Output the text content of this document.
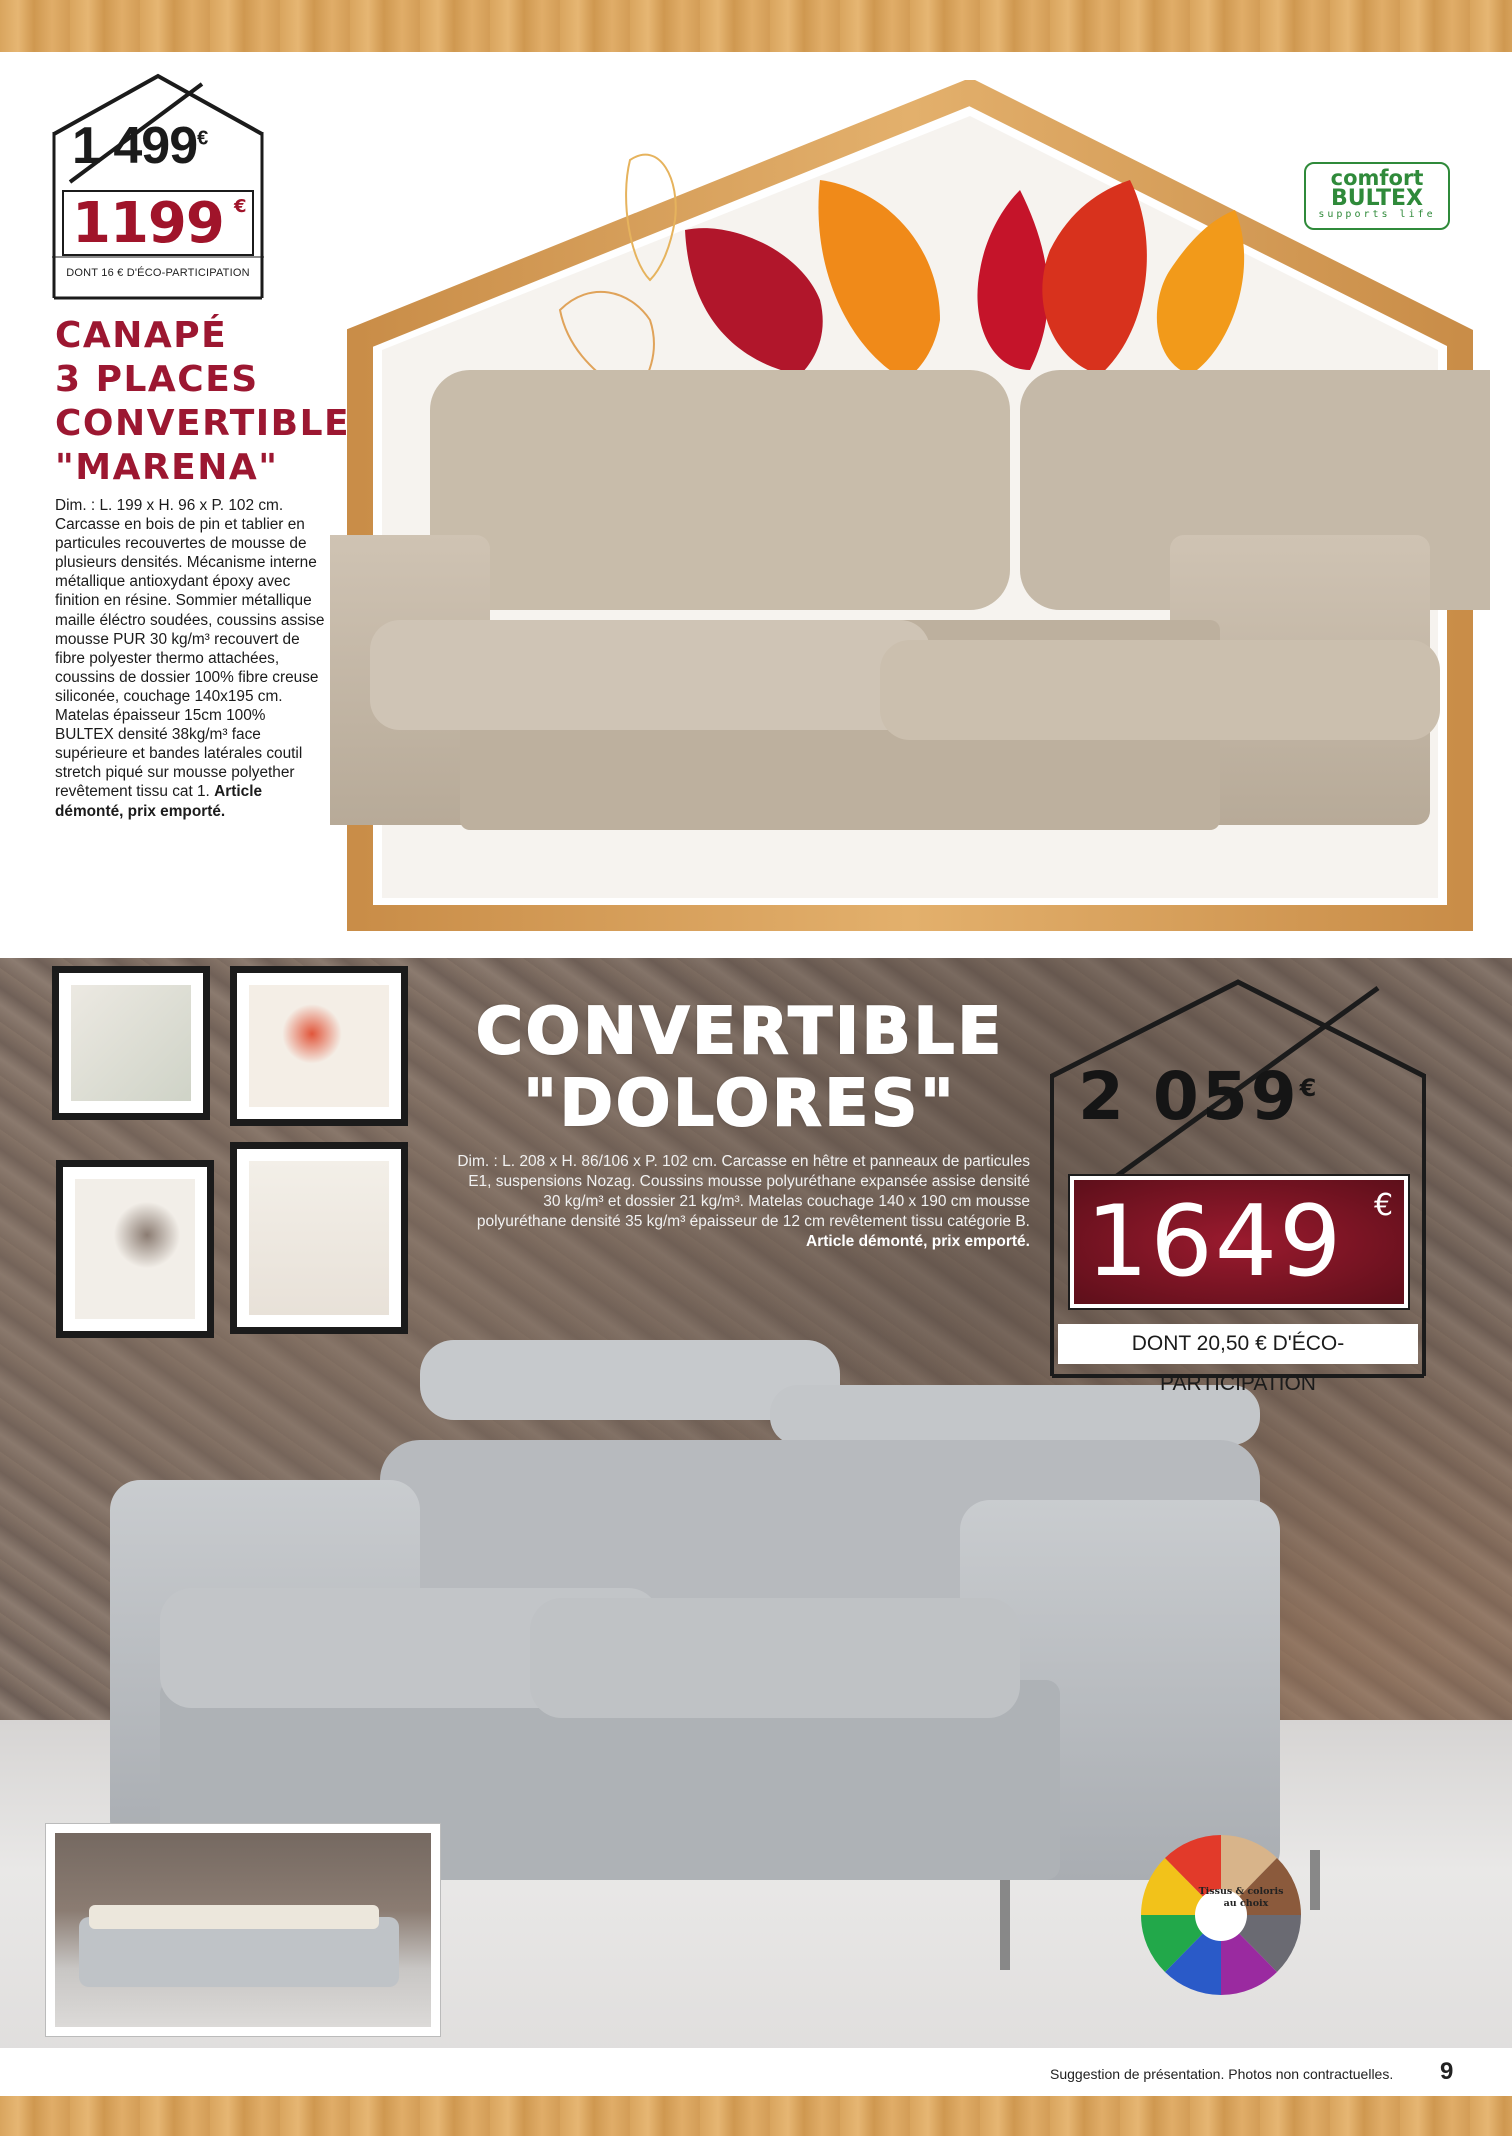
1 499€
1199 €
DONT 16 € D'ÉCO-PARTICIPATION
CANAPÉ
3 PLACES
CONVERTIBLE
"MARENA"
Dim. : L. 199 x H. 96 x P. 102 cm. Carcasse en bois de pin et tablier en particules recouvertes de mousse de plusieurs densités. Mécanisme interne métallique antioxydant époxy avec finition en résine. Sommier métallique maille éléctro soudées, coussins assise mousse PUR 30 kg/m³ recouvert de fibre polyester thermo attachées, coussins de dossier 100% fibre creuse siliconée, couchage 140x195 cm. Matelas épaisseur 15cm 100% BULTEX densité 38kg/m³ face supérieure et bandes latérales coutil stretch piqué sur mousse polyether revêtement tissu cat 1. Article démonté, prix emporté.
comfort
BULTEX
supports life
CONVERTIBLE
"DOLORES"
Dim. : L. 208 x H. 86/106 x P. 102 cm. Carcasse en hêtre et panneaux de particules E1, suspensions Nozag. Coussins mousse polyuréthane expansée assise densité 30 kg/m³ et dossier 21 kg/m³. Matelas couchage 140 x 190 cm mousse polyuréthane densité 35 kg/m³ épaisseur de 12 cm revêtement tissu catégorie B.
Article démonté, prix emporté.
2 059€
1649 €
DONT 20,50 € D'ÉCO-PARTICIPATION
Tissus & coloris
au choix
Suggestion de présentation. Photos non contractuelles. 9
